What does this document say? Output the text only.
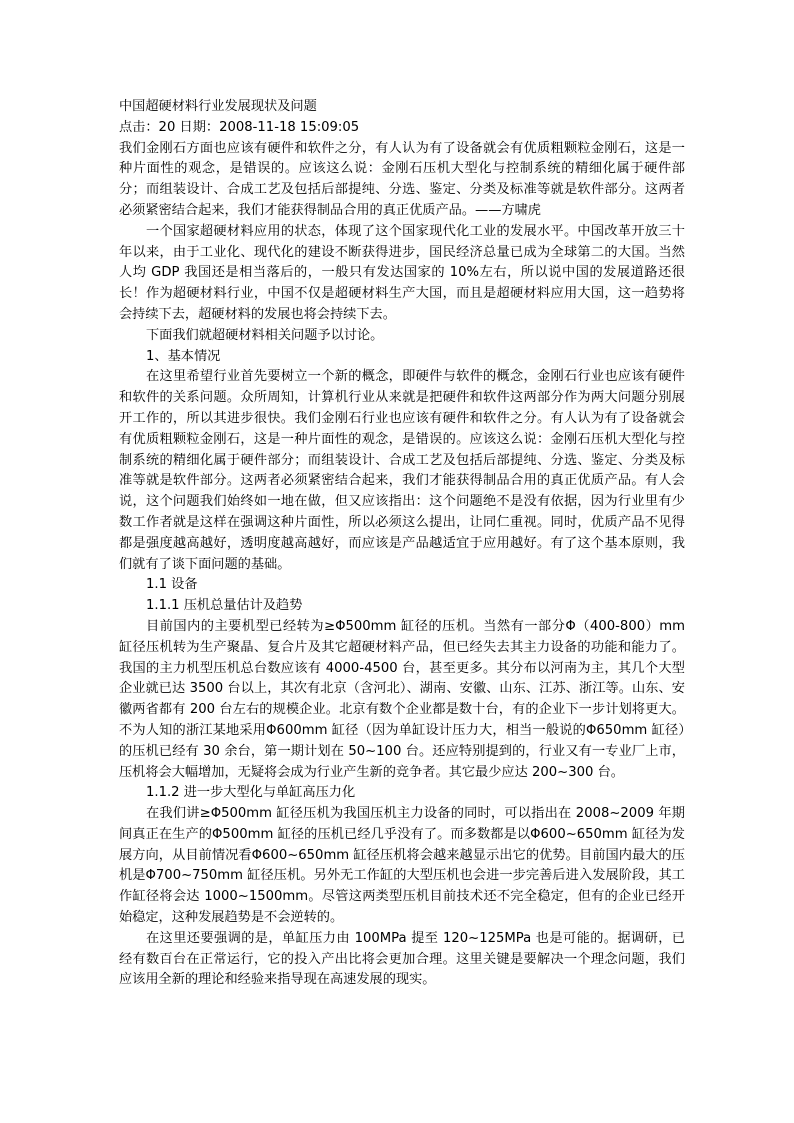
中国超硬材料行业发展现状及问题

点击：20 日期：2008-11-18 15:09:05

我们金刚石方面也应该有硬件和软件之分，有人认为有了设备就会有优质粗颗粒金刚石，这是一种片面性的观念，是错误的。应该这么说：金刚石压机大型化与控制系统的精细化属于硬件部分；而组装设计、合成工艺及包括后部提纯、分选、鉴定、分类及标准等就是软件部分。这两者必须紧密结合起来，我们才能获得制品合用的真正优质产品。——方啸虎

一个国家超硬材料应用的状态，体现了这个国家现代化工业的发展水平。中国改革开放三十年以来，由于工业化、现代化的建设不断获得进步，国民经济总量已成为全球第二的大国。当然人均 GDP 我国还是相当落后的，一般只有发达国家的 10%左右，所以说中国的发展道路还很长！作为超硬材料行业，中国不仅是超硬材料生产大国，而且是超硬材料应用大国，这一趋势将会持续下去，超硬材料的发展也将会持续下去。

下面我们就超硬材料相关问题予以讨论。

1、基本情况

在这里希望行业首先要树立一个新的概念，即硬件与软件的概念，金刚石行业也应该有硬件和软件的关系问题。众所周知，计算机行业从来就是把硬件和软件这两部分作为两大问题分别展开工作的，所以其进步很快。我们金刚石行业也应该有硬件和软件之分。有人认为有了设备就会有优质粗颗粒金刚石，这是一种片面性的观念，是错误的。应该这么说：金刚石压机大型化与控制系统的精细化属于硬件部分；而组装设计、合成工艺及包括后部提纯、分选、鉴定、分类及标准等就是软件部分。这两者必须紧密结合起来，我们才能获得制品合用的真正优质产品。有人会说，这个问题我们始终如一地在做，但又应该指出：这个问题绝不是没有依据，因为行业里有少数工作者就是这样在强调这种片面性，所以必须这么提出，让同仁重视。同时，优质产品不见得都是强度越高越好，透明度越高越好，而应该是产品越适宜于应用越好。有了这个基本原则，我们就有了谈下面问题的基础。

1.1 设备

1.1.1 压机总量估计及趋势

目前国内的主要机型已经转为≥Φ500mm 缸径的压机。当然有一部分Φ（400-800）mm 缸径压机转为生产聚晶、复合片及其它超硬材料产品，但已经失去其主力设备的功能和能力了。我国的主力机型压机总台数应该有 4000-4500 台，甚至更多。其分布以河南为主，其几个大型企业就已达 3500 台以上，其次有北京（含河北）、湖南、安徽、山东、江苏、浙江等。山东、安徽两省都有 200 台左右的规模企业。北京有数个企业都是数十台，有的企业下一步计划将更大。不为人知的浙江某地采用Φ600mm 缸径（因为单缸设计压力大，相当一般说的Φ650mm 缸径）的压机已经有 30 余台，第一期计划在 50~100 台。还应特别提到的，行业又有一专业厂上市，压机将会大幅增加，无疑将会成为行业产生新的竞争者。其它最少应达 200~300 台。

1.1.2 进一步大型化与单缸高压力化

在我们讲≥Φ500mm 缸径压机为我国压机主力设备的同时，可以指出在 2008~2009 年期间真正在生产的Φ500mm 缸径的压机已经几乎没有了。而多数都是以Φ600~650mm 缸径为发展方向，从目前情况看Φ600~650mm 缸径压机将会越来越显示出它的优势。目前国内最大的压机是Φ700~750mm 缸径压机。另外无工作缸的大型压机也会进一步完善后进入发展阶段，其工作缸径将会达 1000~1500mm。尽管这两类型压机目前技术还不完全稳定，但有的企业已经开始稳定，这种发展趋势是不会逆转的。

在这里还要强调的是，单缸压力由 100MPa 提至 120~125MPa 也是可能的。据调研，已经有数百台在正常运行，它的投入产出比将会更加合理。这里关键是要解决一个理念问题，我们应该用全新的理论和经验来指导现在高速发展的现实。
